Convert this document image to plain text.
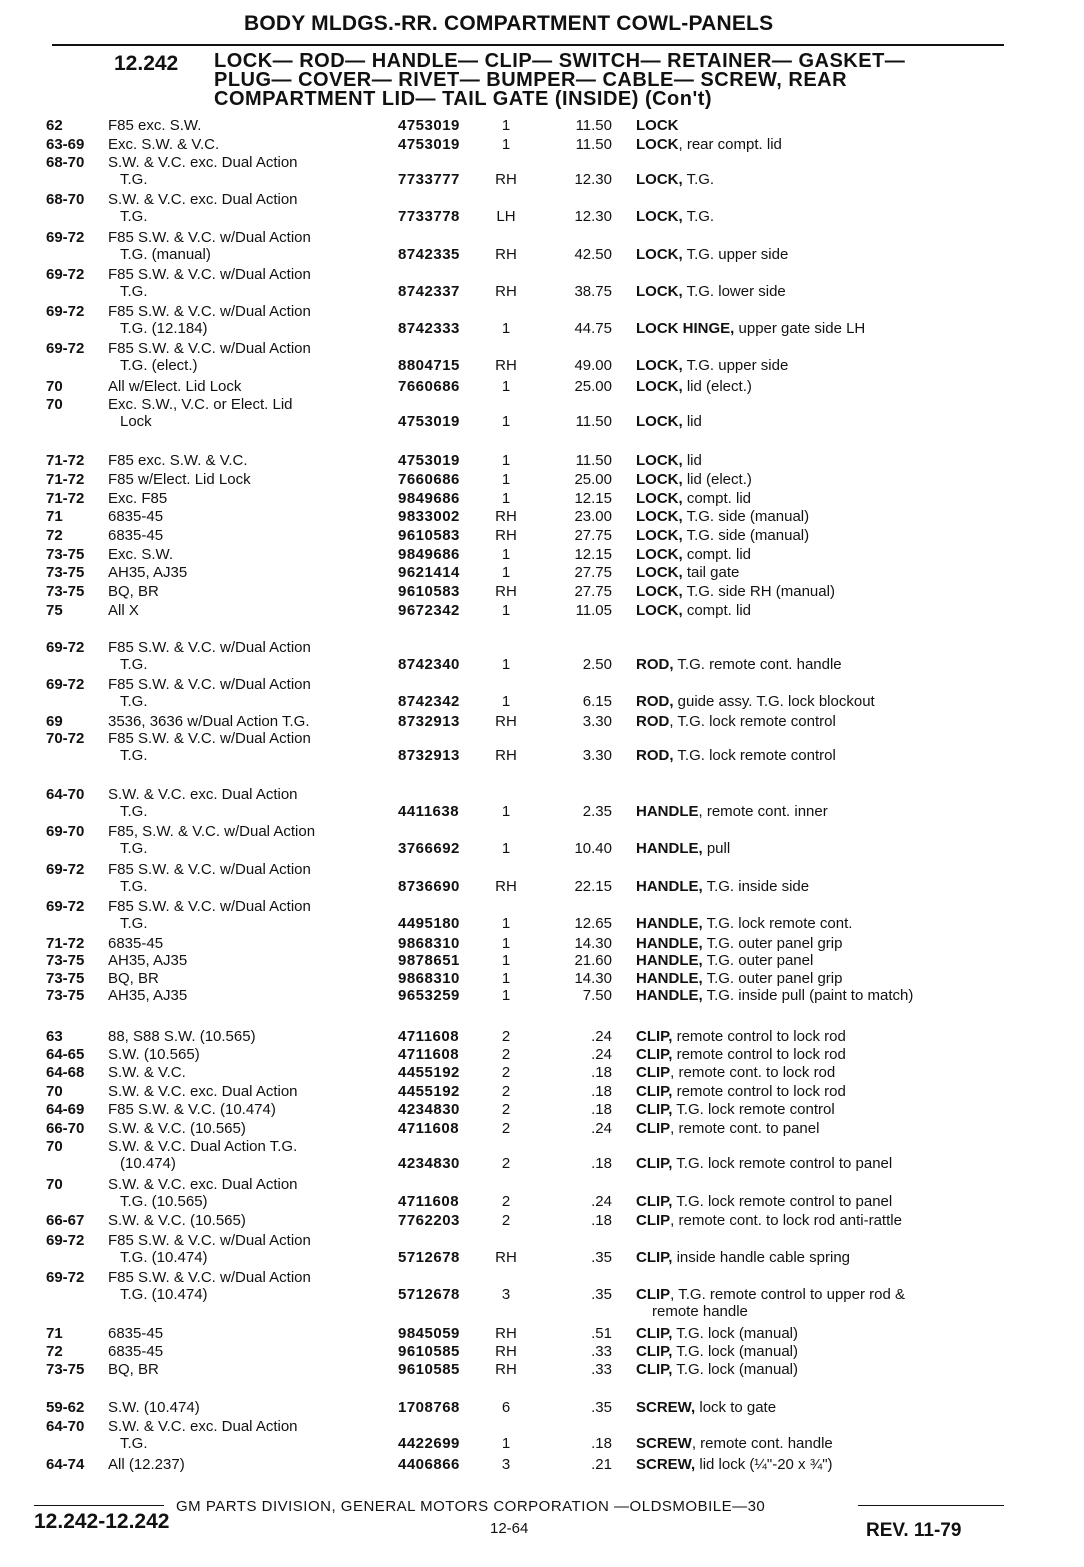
BODY MLDGS.-RR. COMPARTMENT COWL-PANELS
12.242 LOCK— ROD— HANDLE— CLIP— SWITCH— RETAINER— GASKET—
PLUG— COVER— RIVET— BUMPER— CABLE— SCREW, REAR
COMPARTMENT LID— TAIL GATE (INSIDE) (Con't)
62	F85 exc. S.W.	4753019	1	11.50 LOCK
63-69	Exc. S.W. & V.C.	4753019	1	11.50 LOCK, rear compt. lid
68-70	S.W. & V.C. exc. Dual Action
T.G.	7733777	RH	12.30 LOCK, T.G.
68-70	S.W. & V.C. exc. Dual Action
T.G.	7733778	LH	12.30 LOCK, T.G.
69-72	F85 S.W. & V.C. w/Dual Action
T.G. (manual)	8742335	RH	42.50 LOCK, T.G. upper side
69-72	F85 S.W. & V.C. w/Dual Action
T.G.	8742337	RH	38.75 LOCK, T.G. lower side
69-72	F85 S.W. & V.C. w/Dual Action
T.G. (12.184)	8742333	1	44.75 LOCK HINGE, upper gate side LH
69-72	F85 S.W. & V.C. w/Dual Action
T.G. (elect.)	8804715	RH	49.00 LOCK, T.G. upper side
70	All w/Elect. Lid Lock	7660686	1	25.00 LOCK, lid (elect.)
70	Exc. S.W., V.C. or Elect. Lid
Lock	4753019	1	11.50 LOCK, lid
71-72	F85 exc. S.W. & V.C.	4753019	1	11.50 LOCK, lid
71-72	F85 w/Elect. Lid Lock	7660686	1	25.00 LOCK, lid (elect.)
71-72	Exc. F85	9849686	1	12.15 LOCK, compt. lid
71	6835-45	9833002	RH	23.00 LOCK, T.G. side (manual)
72	6835-45	9610583	RH	27.75 LOCK, T.G. side (manual)
73-75	Exc. S.W.	9849686	1	12.15 LOCK, compt. lid
73-75	AH35, AJ35	9621414	1	27.75 LOCK, tail gate
73-75	BQ, BR	9610583	RH	27.75 LOCK, T.G. side RH (manual)
75	All X	9672342	1	11.05 LOCK, compt. lid
69-72	F85 S.W. & V.C. w/Dual Action
T.G.	8742340	1	2.50 ROD, T.G. remote cont. handle
69-72	F85 S.W. & V.C. w/Dual Action
T.G.	8742342	1	6.15 ROD, guide assy. T.G. lock blockout
69	3536, 3636 w/Dual Action T.G.	8732913	RH	3.30 ROD, T.G. lock remote control
70-72	F85 S.W. & V.C. w/Dual Action
T.G.	8732913	RH	3.30 ROD, T.G. lock remote control
64-70	S.W. & V.C. exc. Dual Action
T.G.	4411638	1	2.35 HANDLE, remote cont. inner
69-70	F85, S.W. & V.C. w/Dual Action
T.G.	3766692	1	10.40 HANDLE, pull
69-72	F85 S.W. & V.C. w/Dual Action
T.G.	8736690	RH	22.15 HANDLE, T.G. inside side
69-72	F85 S.W. & V.C. w/Dual Action
T.G.	4495180	1	12.65 HANDLE, T.G. lock remote cont.
71-72	6835-45	9868310	1	14.30 HANDLE, T.G. outer panel grip
73-75	AH35, AJ35	9878651	1	21.60 HANDLE, T.G. outer panel
73-75	BQ, BR	9868310	1	14.30 HANDLE, T.G. outer panel grip
73-75	AH35, AJ35	9653259	1	7.50 HANDLE, T.G. inside pull (paint to match)
63	88, S88 S.W. (10.565)	4711608	2	.24 CLIP, remote control to lock rod
64-65	S.W. (10.565)	4711608	2	.24 CLIP, remote control to lock rod
64-68	S.W. & V.C.	4455192	2	.18 CLIP, remote cont. to lock rod
70	S.W. & V.C. exc. Dual Action	4455192	2	.18 CLIP, remote control to lock rod
64-69	F85 S.W. & V.C. (10.474)	4234830	2	.18 CLIP, T.G. lock remote control
66-70	S.W. & V.C. (10.565)	4711608	2	.24 CLIP, remote cont. to panel
70	S.W. & V.C. Dual Action T.G.
(10.474)	4234830	2	.18 CLIP, T.G. lock remote control to panel
70	S.W. & V.C. exc. Dual Action
T.G. (10.565)	4711608	2	.24 CLIP, T.G. lock remote control to panel
66-67	S.W. & V.C. (10.565)	7762203	2	.18 CLIP, remote cont. to lock rod anti-rattle
69-72	F85 S.W. & V.C. w/Dual Action
T.G. (10.474)	5712678	RH	.35 CLIP, inside handle cable spring
69-72	F85 S.W. & V.C. w/Dual Action
T.G. (10.474)	5712678	3	.35 CLIP, T.G. remote control to upper rod &
remote handle
71	6835-45	9845059	RH	.51 CLIP, T.G. lock (manual)
72	6835-45	9610585	RH	.33 CLIP, T.G. lock (manual)
73-75	BQ, BR	9610585	RH	.33 CLIP, T.G. lock (manual)
59-62	S.W. (10.474)	1708768	6	.35 SCREW, lock to gate
64-70	S.W. & V.C. exc. Dual Action
T.G.	4422699	1	.18 SCREW, remote cont. handle
64-74	All (12.237)	4406866	3	.21 SCREW, lid lock (¼"-20 x ¾")
GM PARTS DIVISION, GENERAL MOTORS CORPORATION —OLDSMOBILE—30
12.242-12.242	12-64	REV. 11-79
